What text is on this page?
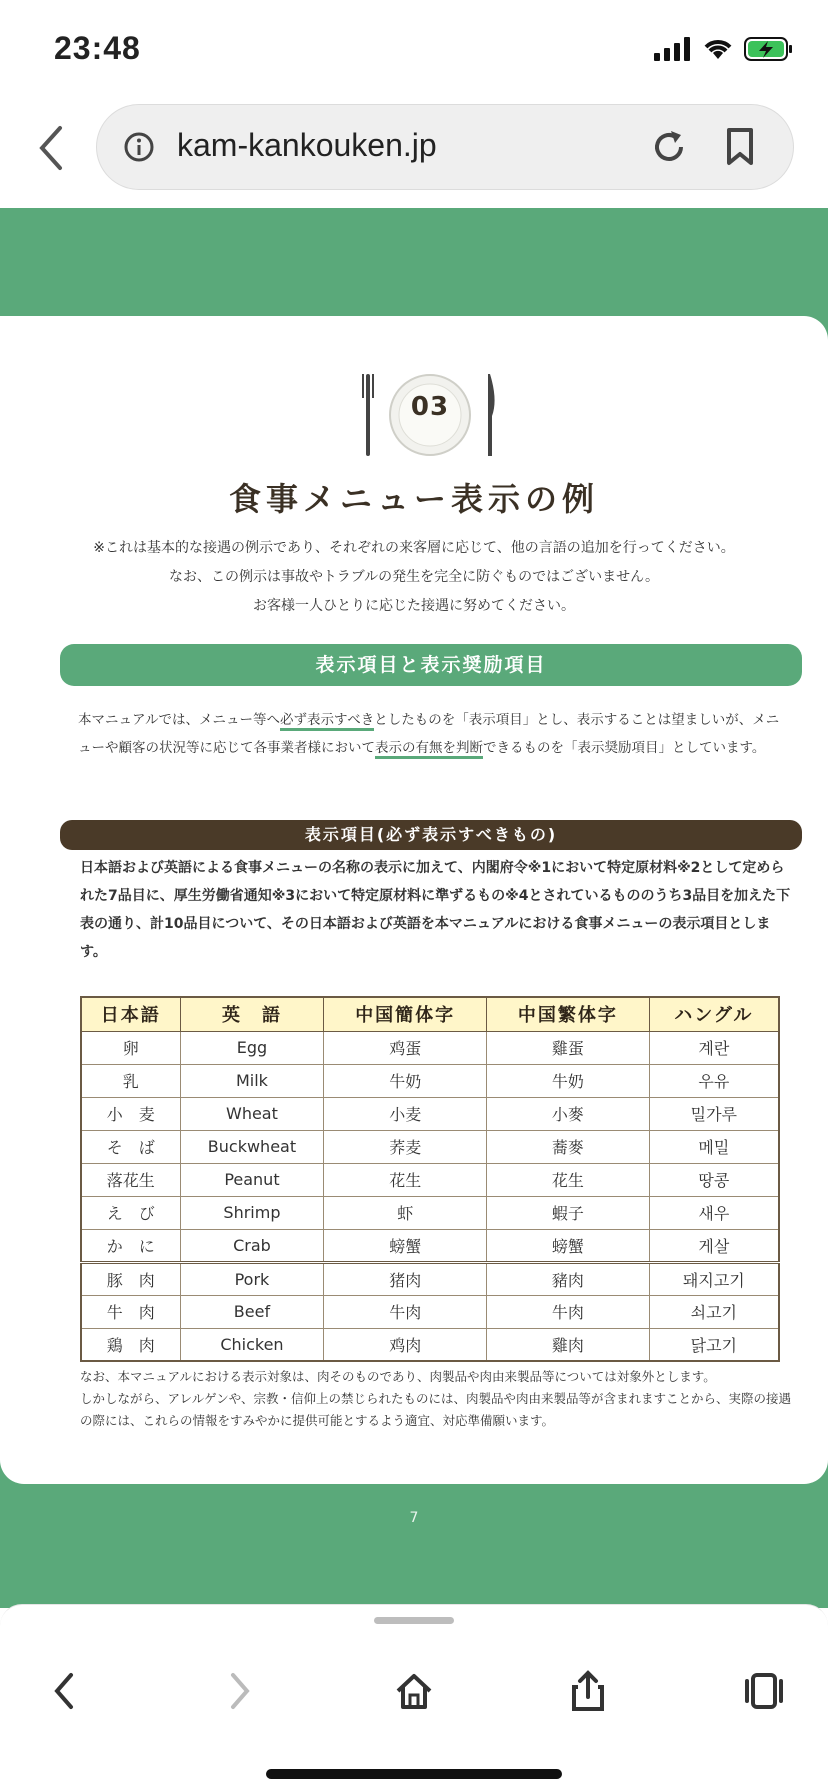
23:48
kam-kankouken.jp
03
食事メニュー表示の例
※これは基本的な接遇の例示であり、それぞれの来客層に応じて、他の言語の追加を行ってください。
なお、この例示は事故やトラブルの発生を完全に防ぐものではございません。
お客様一人ひとりに応じた接遇に努めてください。
表示項目と表示奨励項目
本マニュアルでは、メニュー等へ必ず表示すべきとしたものを「表示項目」とし、表示することは望ましいが、メニューや顧客の状況等に応じて各事業者様において表示の有無を判断できるものを「表示奨励項目」としています。
表示項目(必ず表示すべきもの)
日本語および英語による食事メニューの名称の表示に加えて、内閣府令※1において特定原材料※2として定められた7品目に、厚生労働省通知※3において特定原材料に準ずるもの※4とされているもののうち3品目を加えた下表の通り、計10品目について、その日本語および英語を本マニュアルにおける食事メニューの表示項目とします。
日本語	英　語	中国簡体字	中国繁体字	ハングル
卵	Egg	鸡蛋	雞蛋	계란
乳	Milk	牛奶	牛奶	우유
小　麦	Wheat	小麦	小麥	밀가루
そ　ば	Buckwheat	荞麦	蕎麥	메밀
落花生	Peanut	花生	花生	땅콩
え　び	Shrimp	虾	蝦子	새우
か　に	Crab	螃蟹	螃蟹	게살
豚　肉	Pork	猪肉	豬肉	돼지고기
牛　肉	Beef	牛肉	牛肉	쇠고기
鶏　肉	Chicken	鸡肉	雞肉	닭고기
なお、本マニュアルにおける表示対象は、肉そのものであり、肉製品や肉由来製品等については対象外とします。
しかしながら、アレルゲンや、宗教・信仰上の禁じられたものには、肉製品や肉由来製品等が含まれますことから、実際の接遇の際には、これらの情報をすみやかに提供可能とするよう適宜、対応準備願います。
7
